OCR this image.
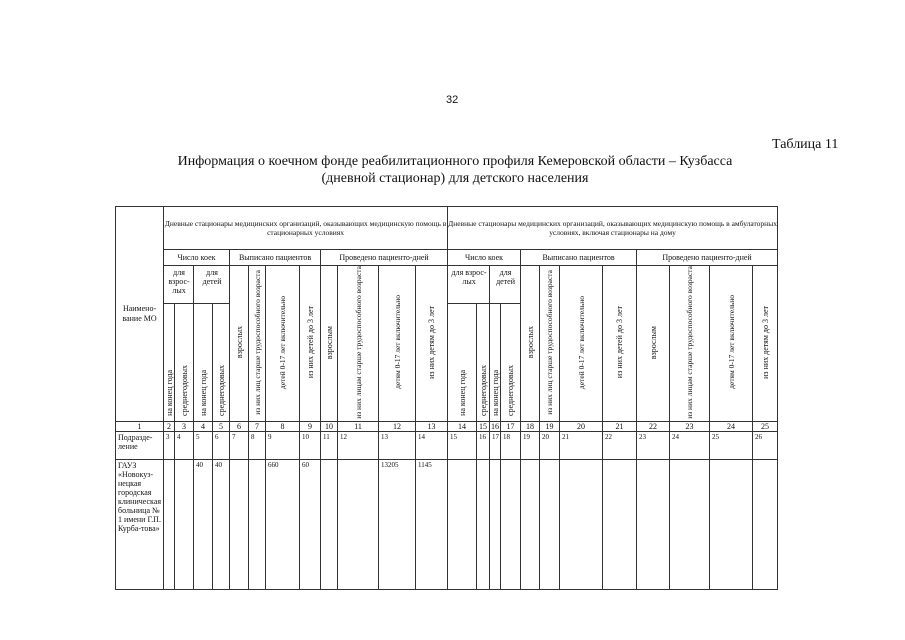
32
Таблица 11
Информация о коечном фонде реабилитационного профиля Кемеровской области – Кузбасса
(дневной стационар) для детского населения
Наимено-вание МО	Дневные стационары медицинских организаций, оказывающих медицинскую помощь в стационарных условиях												Дневные стационары медицинских организаций, оказывающих медицинскую помощь в амбулаторных условиях, включая стационары на дому											
	Число коек				Выписано пациентов				Проведено пациенто-дней				Число коек				Выписано пациентов				Проведено пациенто-дней			
	для взрос-лых		для детей		взрослых	из них лиц старше трудоспособного возраста	детей 0-17 лет включительно	из них детей до 3 лет	взрослым	из них лицам старше трудоспособного возраста	детям 0-17 лет включительно	из них детям до 3 лет	для взрос-лых		для детей		взрослых	из них лиц старше трудоспособного возраста	детей 0-17 лет включительно	из них детей до 3 лет	взрослым	из них лицам старше трудоспособного возраста	детям 0-17 лет включительно	из них детям до 3 лет
	на конец года	среднегодовых	на конец года	среднегодовых									на конец года	среднегодовых	на конец года	среднегодовых								
1	2	3	4	5	6	7	8	9	10	11	12	13	14	15	16	17	18	19	20	21	22	23	24	25
Подразде-ление	3	4	5	6	7	8	9	10	11	12	13	14	15	16	17	18	19	20	21	22	23	24	25	26
ГАУЗ «Новокуз-нецкая городская клиническая больница № 1 имени Г.П. Курба-това»			40	40			660	60			13205	1145												
